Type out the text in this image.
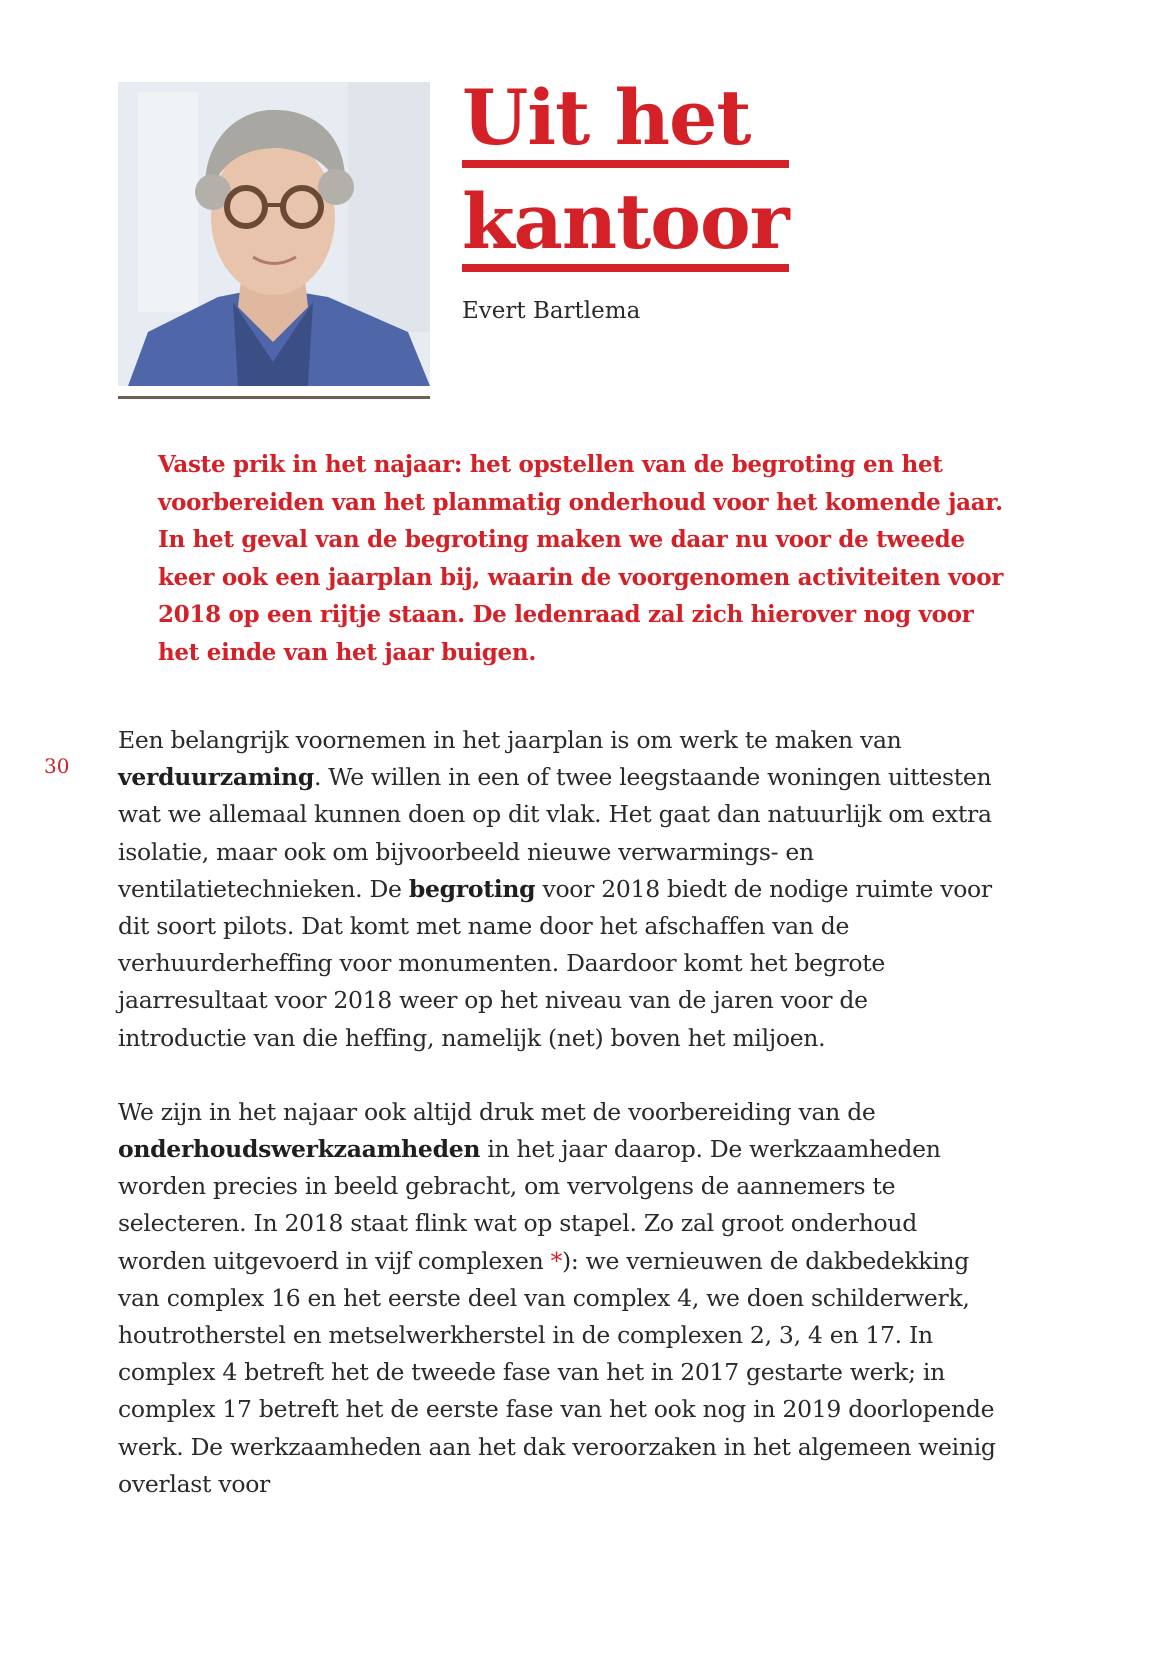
Uit het
kantoor
Evert Bartlema

Vaste prik in het najaar: het opstellen van de begroting en het voorbereiden van het planmatig onderhoud voor het komende jaar. In het geval van de begroting maken we daar nu voor de tweede keer ook een jaarplan bij, waarin de voorgenomen activiteiten voor 2018 op een rijtje staan. De ledenraad zal zich hierover nog voor het einde van het jaar buigen.

30

Een belangrijk voornemen in het jaarplan is om werk te maken van verduurzaming. We willen in een of twee leegstaande woningen uittesten wat we allemaal kunnen doen op dit vlak. Het gaat dan natuurlijk om extra isolatie, maar ook om bijvoorbeeld nieuwe verwarmings- en ventilatietechnieken. De begroting voor 2018 biedt de nodige ruimte voor dit soort pilots. Dat komt met name door het afschaffen van de verhuurderheffing voor monumenten. Daardoor komt het begrote jaarresultaat voor 2018 weer op het niveau van de jaren voor de introductie van die heffing, namelijk (net) boven het miljoen.

We zijn in het najaar ook altijd druk met de voorbereiding van de onderhoudswerkzaamheden in het jaar daarop. De werkzaamheden worden precies in beeld gebracht, om vervolgens de aannemers te selecteren. In 2018 staat flink wat op stapel. Zo zal groot onderhoud worden uitgevoerd in vijf complexen *): we vernieuwen de dakbedekking van complex 16 en het eerste deel van complex 4, we doen schilderwerk, houtrotherstel en metselwerkherstel in de complexen 2, 3, 4 en 17. In complex 4 betreft het de tweede fase van het in 2017 gestarte werk; in complex 17 betreft het de eerste fase van het ook nog in 2019 doorlopende werk. De werkzaamheden aan het dak veroorzaken in het algemeen weinig overlast voor
